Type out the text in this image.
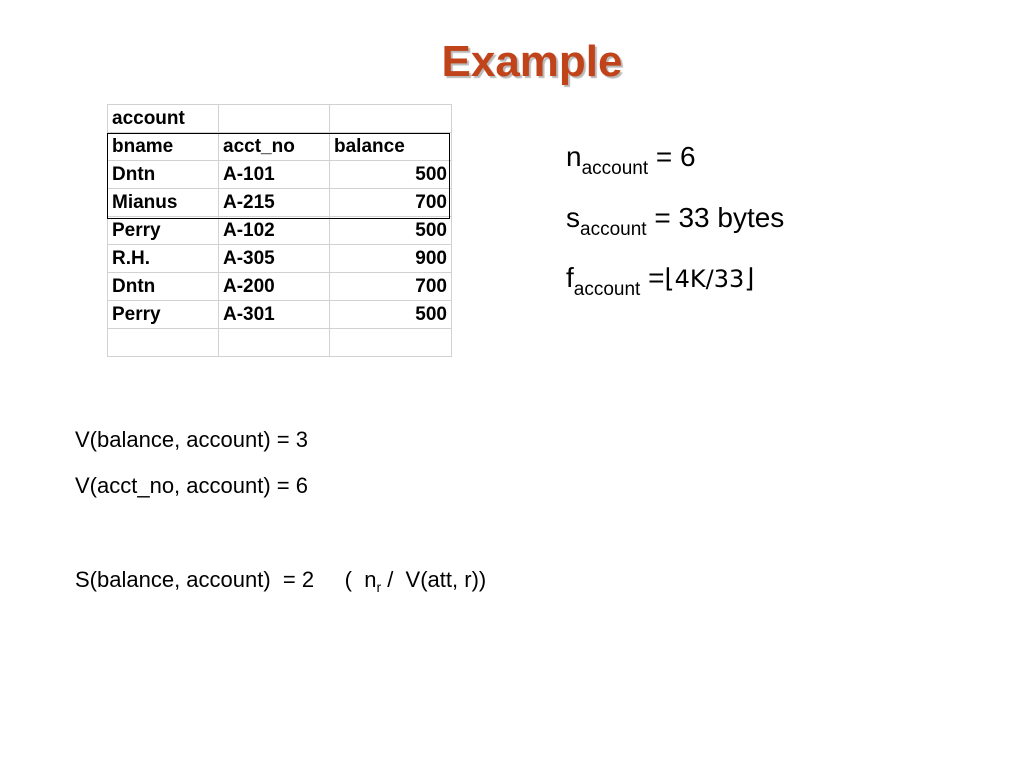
Example
account		
bname	acct_no	balance
Dntn	A-101	500
Mianus	A-215	700
Perry	A-102	500
R.H.	A-305	900
Dntn	A-200	700
Perry	A-301	500

$n_{account} = 6$
$s_{account} = 33$ bytes
$f_{account}$ =⌊4K/33⌋
V(balance, account) = 3
V(acct_no, account) = 6
S(balance, account)  = 2     (  $n_r / V(att$, r))
